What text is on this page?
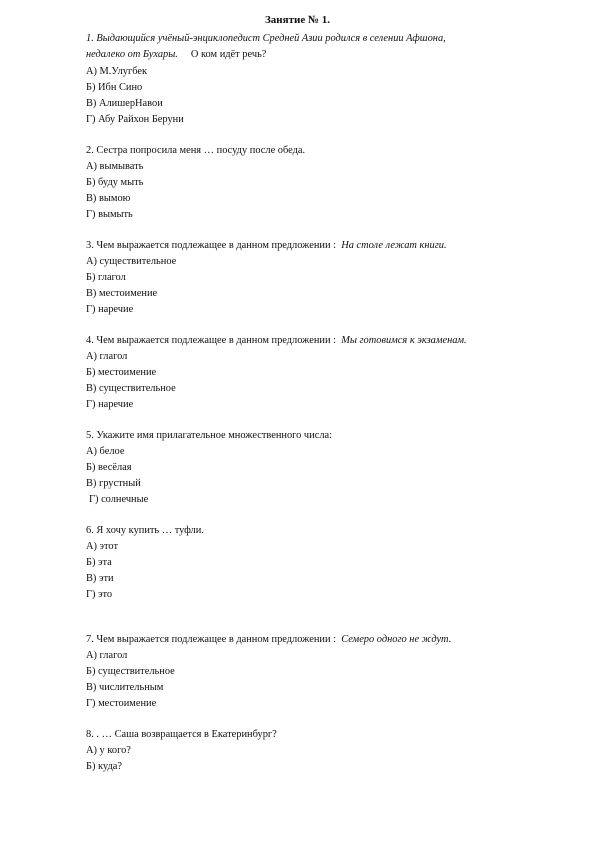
Занятие № 1.
1. Выдающийся учёный-энциклопедист Средней Азии родился в селении Афшона,
недалеко от Бухары. О ком идёт речь?
А) М.Улугбек
Б) Ибн Сино
В) АлишерНавои
Г) Абу Райхон Беруни
2. Сестра попросила меня … посуду после обеда.
А) вымывать
Б) буду мыть
В) вымою
Г) вымыть
3. Чем выражается подлежащее в данном предложении : На столе лежат книги.
А) существительное
Б) глагол
В) местоимение
Г) наречие
4. Чем выражается подлежащее в данном предложении : Мы готовимся к экзаменам.
А) глагол
Б) местоимение
В) существительное
Г) наречие
5. Укажите имя прилагательное множественного числа:
А) белое
Б) весёлая
В) грустный
Г) солнечные
6. Я хочу купить … туфли.
А) этот
Б) эта
В) эти
Г) это
7. Чем выражается подлежащее в данном предложении : Семеро одного не ждут.
А) глагол
Б) существительное
В) числительным
Г) местоимение
8. . … Саша возвращается в Екатеринбург?
А) у кого?
Б) куда?
